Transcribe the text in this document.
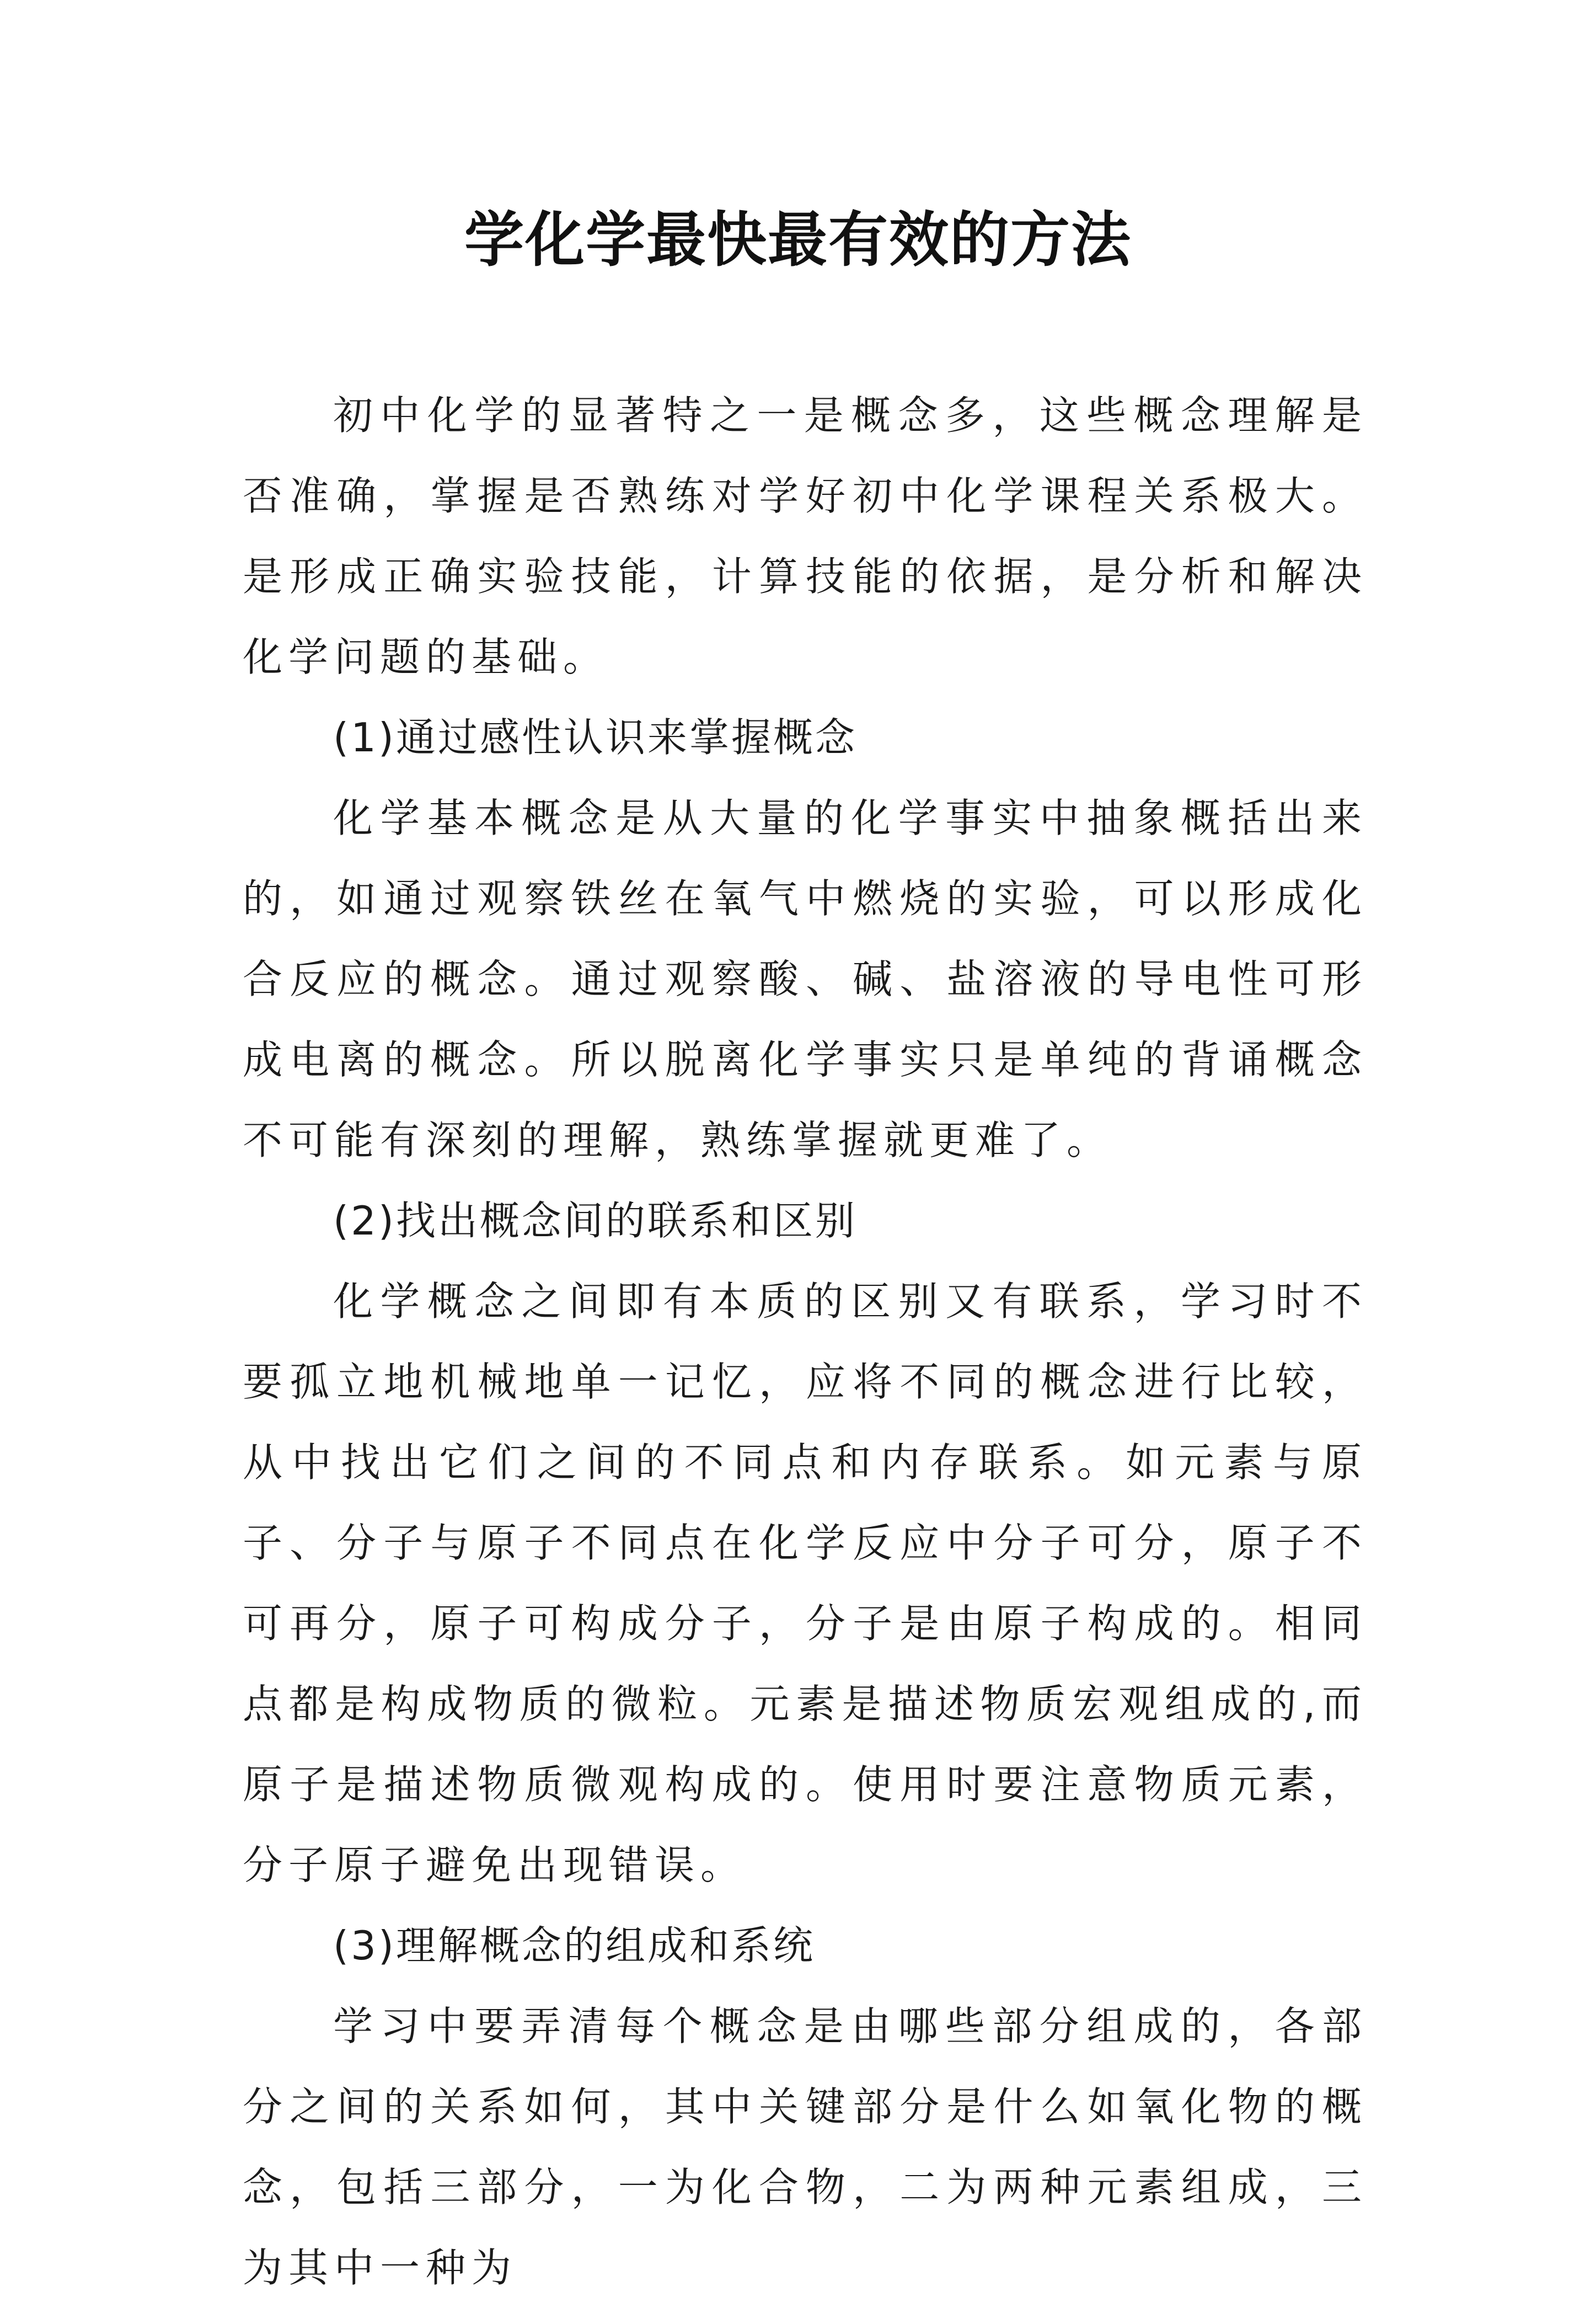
学化学最快最有效的方法

初中化学的显著特之一是概念多，这些概念理解是否准确，掌握是否熟练对学好初中化学课程关系极大。是形成正确实验技能，计算技能的依据，是分析和解决化学问题的基础。

(1)通过感性认识来掌握概念

化学基本概念是从大量的化学事实中抽象概括出来的，如通过观察铁丝在氧气中燃烧的实验，可以形成化合反应的概念。通过观察酸、碱、盐溶液的导电性可形成电离的概念。所以脱离化学事实只是单纯的背诵概念不可能有深刻的理解，熟练掌握就更难了。

(2)找出概念间的联系和区别

化学概念之间即有本质的区别又有联系，学习时不要孤立地机械地单一记忆，应将不同的概念进行比较，从中找出它们之间的不同点和内存联系。如元素与原子、分子与原子不同点在化学反应中分子可分，原子不可再分，原子可构成分子，分子是由原子构成的。相同点都是构成物质的微粒。元素是描述物质宏观组成的,而原子是描述物质微观构成的。使用时要注意物质元素，分子原子避免出现错误。

(3)理解概念的组成和系统

学习中要弄清每个概念是由哪些部分组成的，各部分之间的关系如何，其中关键部分是什么如氧化物的概念，包括三部分，一为化合物，二为两种元素组成，三为其中一种为
